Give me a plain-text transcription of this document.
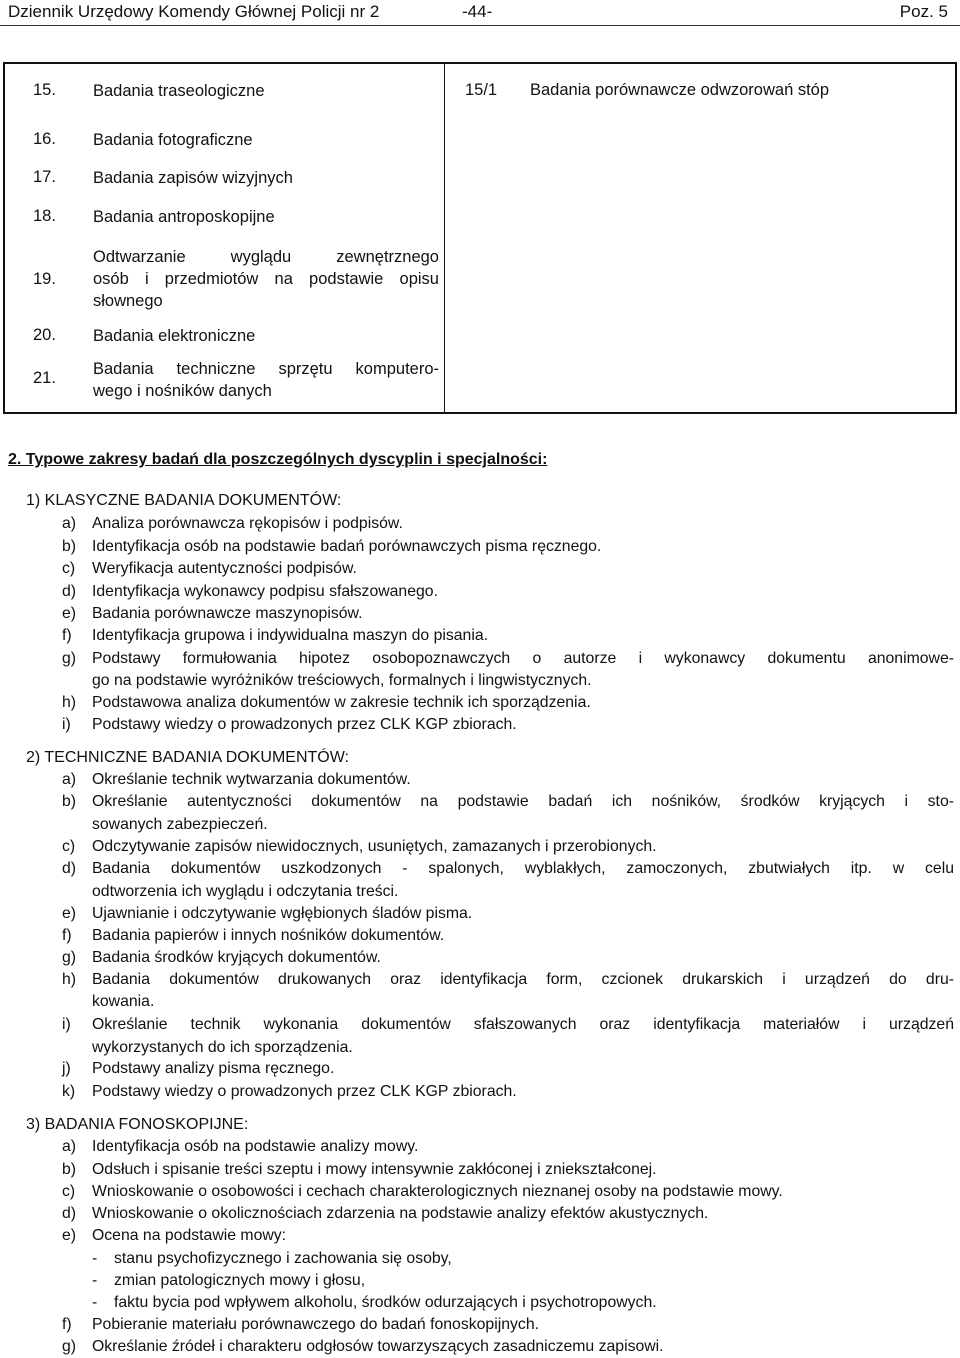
Dziennik Urzędowy Komendy Głównej Policji nr 2	-44-	Poz. 5
15. Badania traseologiczne	15/1 Badania porównawcze odwzorowań stóp
16. Badania fotograficzne
17. Badania zapisów wizyjnych
18. Badania antroposkopijne
19.
Odtwarzanie wyglądu zewnętrznego
osób i przedmiotów na podstawie opisu
słownego
20. Badania elektroniczne
21. Badania techniczne sprzętu komputero-
wego i nośników danych
2. Typowe zakresy badań dla poszczególnych dyscyplin i specjalności:
1) KLASYCZNE BADANIA DOKUMENTÓW:
a) Analiza porównawcza rękopisów i podpisów.
b) Identyfikacja osób na podstawie badań porównawczych pisma ręcznego.
c) Weryfikacja autentyczności podpisów.
d) Identyfikacja wykonawcy podpisu sfałszowanego.
e) Badania porównawcze maszynopisów.
f) Identyfikacja grupowa i indywidualna maszyn do pisania.
g) Podstawy formułowania hipotez osobopoznawczych o autorze i wykonawcy dokumentu anonimowe-
go na podstawie wyróżników treściowych, formalnych i lingwistycznych.
h) Podstawowa analiza dokumentów w zakresie technik ich sporządzenia.
i) Podstawy wiedzy o prowadzonych przez CLK KGP zbiorach.
2) TECHNICZNE BADANIA DOKUMENTÓW:
a) Określanie technik wytwarzania dokumentów.
b) Określanie autentyczności dokumentów na podstawie badań ich nośników, środków kryjących i sto-
sowanych zabezpieczeń.
c) Odczytywanie zapisów niewidocznych, usuniętych, zamazanych i przerobionych.
d) Badania dokumentów uszkodzonych - spalonych, wyblakłych, zamoczonych, zbutwiałych itp. w celu
odtworzenia ich wyglądu i odczytania treści.
e) Ujawnianie i odczytywanie wgłębionych śladów pisma.
f) Badania papierów i innych nośników dokumentów.
g) Badania środków kryjących dokumentów.
h) Badania dokumentów drukowanych oraz identyfikacja form, czcionek drukarskich i urządzeń do dru-
kowania.
i) Określanie technik wykonania dokumentów sfałszowanych oraz identyfikacja materiałów i urządzeń
wykorzystanych do ich sporządzenia.
j) Podstawy analizy pisma ręcznego.
k) Podstawy wiedzy o prowadzonych przez CLK KGP zbiorach.
3) BADANIA FONOSKOPIJNE:
a) Identyfikacja osób na podstawie analizy mowy.
b) Odsłuch i spisanie treści szeptu i mowy intensywnie zakłóconej i zniekształconej.
c) Wnioskowanie o osobowości i cechach charakterologicznych nieznanej osoby na podstawie mowy.
d) Wnioskowanie o okolicznościach zdarzenia na podstawie analizy efektów akustycznych.
e) Ocena na podstawie mowy:
- stanu psychofizycznego i zachowania się osoby,
- zmian patologicznych mowy i głosu,
- faktu bycia pod wpływem alkoholu, środków odurzających i psychotropowych.
f) Pobieranie materiału porównawczego do badań fonoskopijnych.
g) Określanie źródeł i charakteru odgłosów towarzyszących zasadniczemu zapisowi.
